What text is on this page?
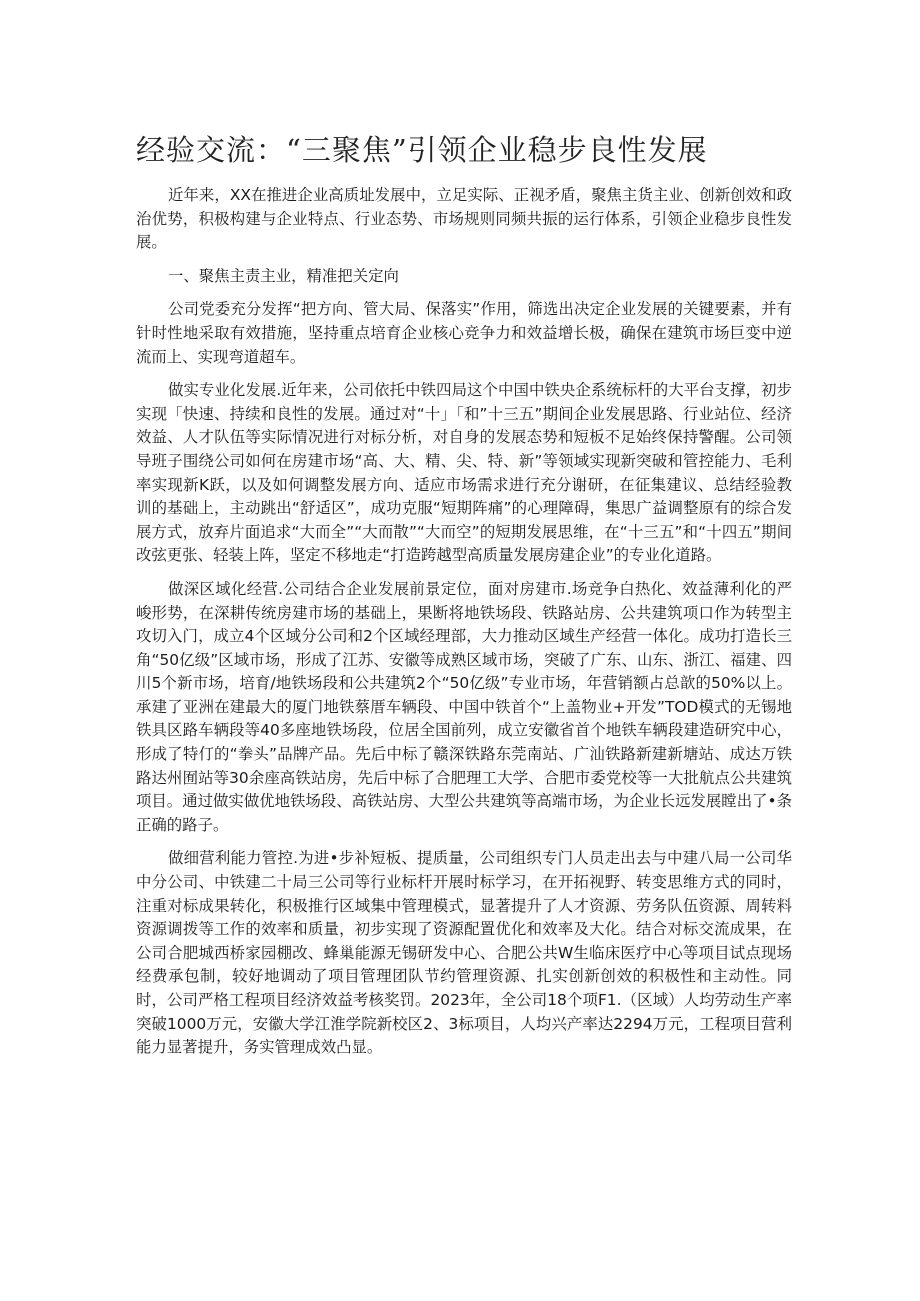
经验交流：“三聚焦”引领企业稳步良性发展

近年来，XX在推进企业高质址发展中，立足实际、正视矛盾，聚焦主货主业、创新创效和政治优势，积极构建与企业特点、行业态势、市场规则同频共振的运行体系，引领企业稳步良性发展。

一、聚焦主责主业，精准把关定向

公司党委充分发挥“把方向、管大局、保落实”作用，筛选出决定企业发展的关键要素，并有针时性地采取有效措施，坚持重点培育企业核心竞争力和效益增长极，确保在建筑市场巨变中逆流而上、实现弯道超车。

做实专业化发展.近年来，公司依托中铁四局这个中国中铁央企系统标杆的大平台支撑，初步实现「快速、持续和良性的发展。通过对“十」「和”十三五”期间企业发展思路、行业站位、经济效益、人才队伍等实际情况进行对标分析，对自身的发展态势和短板不足始终保持警醒。公司领导班子围绕公司如何在房建市场“高、大、精、尖、特、新”等领域实现新突破和管控能力、毛利率实现新K跃，以及如何调整发展方向、适应市场需求进行充分谢研，在征集建议、总结经验教训的基础上，主动跳出“舒适区”，成功克服“短期阵痛”的心理障碍，集思广益调整原有的综合发展方式，放弃片面追求“大而全”“大而散”“大而空”的短期发展思维，在“十三五”和“十四五”期间改弦更张、轻装上阵，坚定不移地走“打造跨越型高质量发展房建企业”的专业化道路。

做深区域化经营.公司结合企业发展前景定位，面对房建市.场竞争白热化、效益薄利化的严峻形势，在深耕传统房建市场的基础上，果断将地铁场段、铁路站房、公共建筑项口作为转型主攻切入门，成立4个区域分公司和2个区域经理部，大力推动区域生产经营一体化。成功打造长三角“50亿级”区域市场，形成了江苏、安徽等成熟区域市场，突破了广东、山东、浙江、福建、四川5个新市场，培育/地铁场段和公共建筑2个“50亿级”专业市场，年营销额占总歆的50%以上。承建了亚洲在建最大的厦门地铁蔡厝车辆段、中国中铁首个“上盖物业+开发”TOD模式的无锡地铁具区路车辆段等40多座地铁场段，位居全国前列，成立安徽省首个地铁车辆段建造研究中心，形成了特仃的“拳头”品牌产品。先后中标了赣深铁路东莞南站、广汕铁路新建新塘站、成达万铁路达州囿站等30余座高铁站房，先后中标了合肥理工大学、合肥市委党校等一大批航点公共建筑项目。通过做实做优地铁场段、高铁站房、大型公共建筑等高端市场，为企业长远发展瞠出了•条正确的路子。

做细营利能力管控.为进•步补短板、提质量，公司组织专门人员走出去与中建八局一公司华中分公司、中铁建二十局三公司等行业标杆开展时标学习，在开拓视野、转变思维方式的同时，注重对标成果转化，积极推行区域集中管理模式，显著提升了人才资源、劳务队伍资源、周转料资源调拨等工作的效率和质量，初步实现了资源配置优化和效率及大化。结合对标交流成果，在公司合肥城西桥家园棚改、蜂巢能源无锡研发中心、合肥公共W生临床医疗中心等项目试点现场经费承包制，较好地调动了项目管理团队节约管理资源、扎实创新创效的积极性和主动性。同时，公司严格工程项目经济效益考核奖罚。2023年，全公司18个项F1.（区域）人均劳动生产率突破1000万元，安徽大学江淮学院新校区2、3标项目，人均兴产率达2294万元，工程项目营利能力显著提升，务实管理成效凸显。
